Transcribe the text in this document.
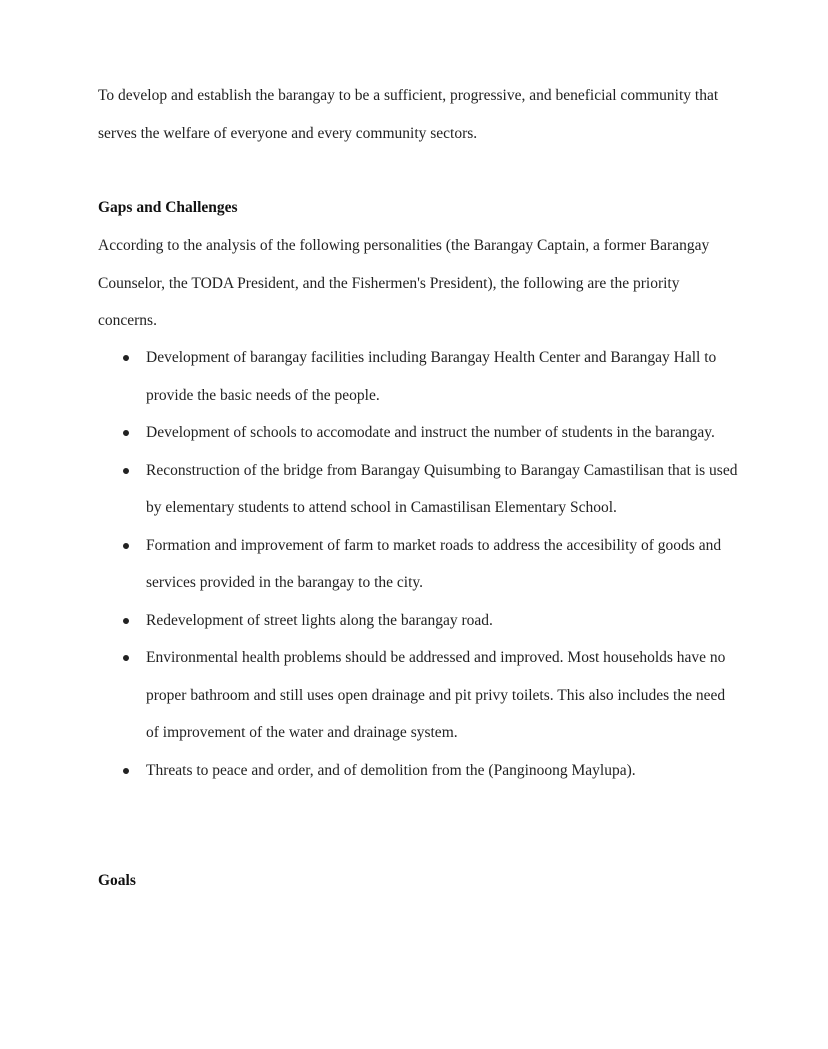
To develop and establish the barangay to be a sufficient, progressive, and beneficial community that serves the welfare of everyone and every community sectors.

Gaps and Challenges

According to the analysis of the following personalities (the Barangay Captain, a former Barangay Counselor, the TODA President, and the Fishermen's President), the following are the priority concerns.

Development of barangay facilities including Barangay Health Center and Barangay Hall to provide the basic needs of the people.
Development of schools to accomodate and instruct the number of students in the barangay.
Reconstruction of the bridge from Barangay Quisumbing to Barangay Camastilisan that is used by elementary students to attend school in Camastilisan Elementary School.
Formation and improvement of farm to market roads to address the accesibility of goods and services provided in the barangay to the city.
Redevelopment of street lights along the barangay road.
Environmental health problems should be addressed and improved. Most households have no proper bathroom and still uses open drainage and pit privy toilets. This also includes the need of improvement of the water and drainage system.
Threats to peace and order, and of demolition from the (Panginoong Maylupa).

Goals
